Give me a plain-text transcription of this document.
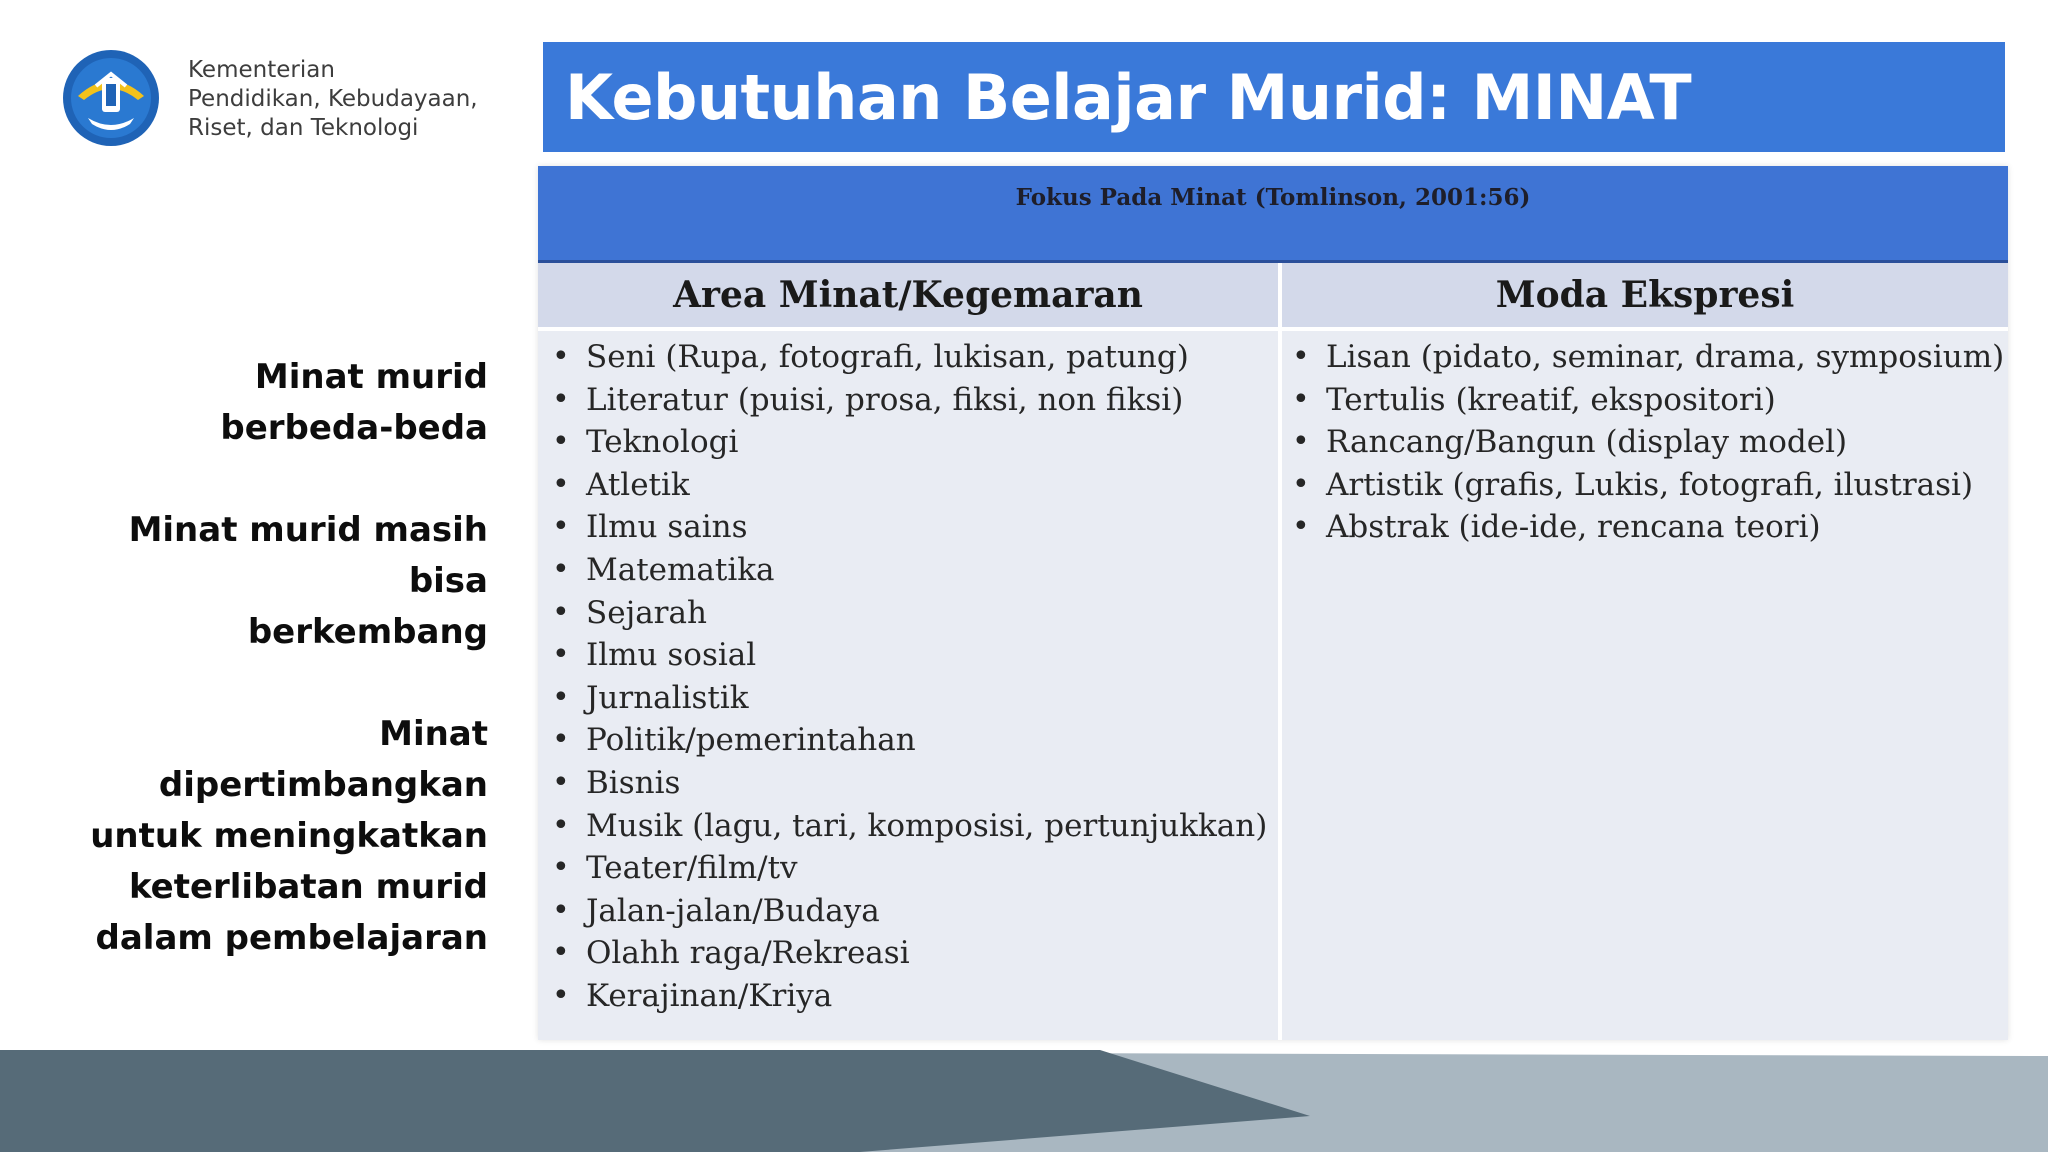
Kementerian
Pendidikan, Kebudayaan,
Riset, dan Teknologi	Kebutuhan Belajar Murid: MINAT

Minat murid
berbeda-beda

Minat murid masih bisa
berkembang

Minat dipertimbangkan
untuk meningkatkan
keterlibatan murid
dalam pembelajaran

Fokus Pada Minat (Tomlinson, 2001:56)
Area Minat/Kegemaran	Moda Ekspresi
• Seni (Rupa, fotografi, lukisan, patung)
• Literatur (puisi, prosa, fiksi, non fiksi)
• Teknologi
• Atletik
• Ilmu sains
• Matematika
• Sejarah
• Ilmu sosial
• Jurnalistik
• Politik/pemerintahan
• Bisnis
• Musik (lagu, tari, komposisi, pertunjukkan)
• Teater/film/tv
• Jalan-jalan/Budaya
• Olahh raga/Rekreasi
• Kerajinan/Kriya
• Lisan (pidato, seminar, drama, symposium)
• Tertulis (kreatif, ekspositori)
• Rancang/Bangun (display model)
• Artistik (grafis, Lukis, fotografi, ilustrasi)
• Abstrak (ide-ide, rencana teori)
